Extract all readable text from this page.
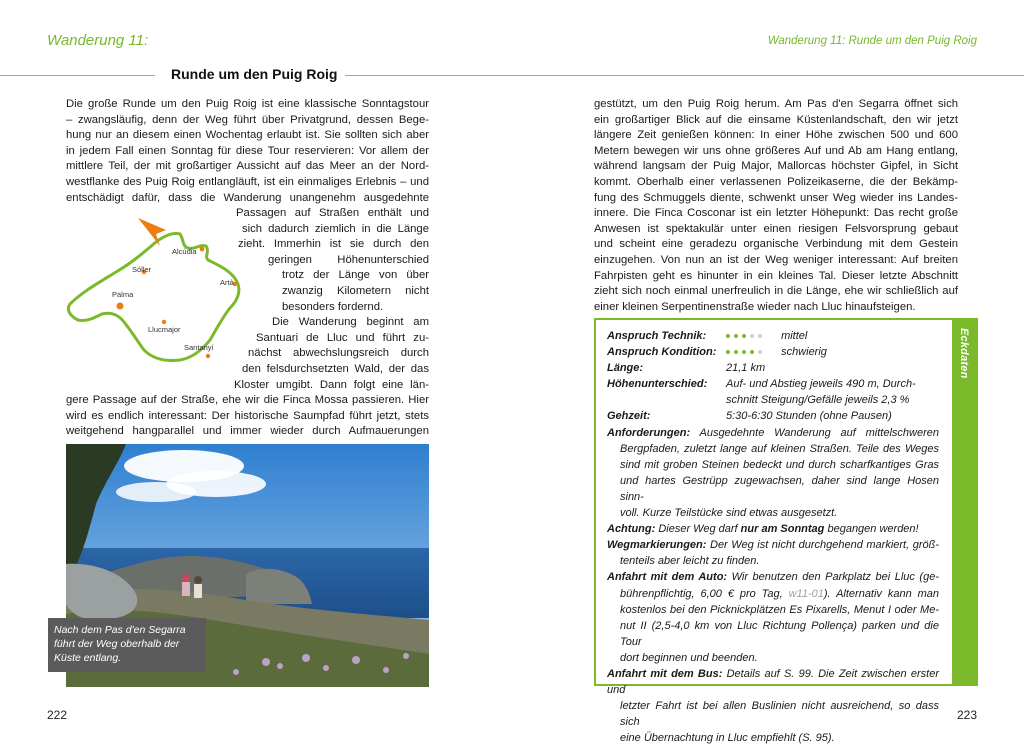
Wanderung 11:	Wanderung 11: Runde um den Puig Roig
Runde um den Puig Roig

Die große Runde um den Puig Roig ist eine klassische Sonntagstour

– zwangsläufig, denn der Weg führt über Privatgrund, dessen Bege-

hung nur an diesem einen Wochentag erlaubt ist. Sie sollten sich aber

in jedem Fall einen Sonntag für diese Tour reservieren: Vor allem der

mittlere Teil, der mit großartiger Aussicht auf das Meer an der Nord-

westflanke des Puig Roig entlangläuft, ist ein einmaliges Erlebnis – und

entschädigt dafür, dass die Wanderung unangenehm ausgedehnte

Passagen auf Straßen enthält und

sich dadurch ziemlich in die Länge

zieht. Immerhin ist sie durch den

geringen Höhenunterschied

trotz der Länge von über

zwanzig Kilometern nicht

besonders fordernd.

Die Wanderung beginnt am

Santuari de Lluc und führt zu-

nächst abwechslungsreich durch

den felsdurchsetzten Wald, der das

Kloster umgibt. Dann folgt eine län-

gere Passage auf der Straße, ehe wir die Finca Mossa passieren. Hier

wird es endlich interessant: Der historische Saumpfad führt jetzt, stets

weitgehend hangparallel und immer wieder durch Aufmauerungen

Alcúdia
Sóller
Artà
Palma
Llucmajor
Santanyí
Nach dem Pas d'en Segarra führt der Weg oberhalb der Küste entlang.
222

gestützt, um den Puig Roig herum. Am Pas d'en Segarra öffnet sich

ein großartiger Blick auf die einsame Küstenlandschaft, den wir jetzt

längere Zeit genießen können: In einer Höhe zwischen 500 und 600

Metern bewegen wir uns ohne größeres Auf und Ab am Hang entlang,

während langsam der Puig Major, Mallorcas höchster Gipfel, in Sicht

kommt. Oberhalb einer verlassenen Polizeikaserne, die der Bekämp-

fung des Schmuggels diente, schwenkt unser Weg wieder ins Landes-

innere. Die Finca Cosconar ist ein letzter Höhepunkt: Das recht große

Anwesen ist spektakulär unter einen riesigen Felsvorsprung gebaut

und scheint eine geradezu organische Verbindung mit dem Gestein

einzugehen. Von nun an ist der Weg weniger interessant: Auf breiten

Fahrpisten geht es hinunter in ein kleines Tal. Dieser letzte Abschnitt

zieht sich noch einmal unerfreulich in die Länge, ehe wir schließlich auf

einer kleinen Serpentinenstraße wieder nach Lluc hinaufsteigen.

Eckdaten
Anspruch Technik:	mittel
Anspruch Kondition:	schwierig
Länge:	21,1 km
Höhenunterschied:	Auf- und Abstieg jeweils 490 m, Durch-
schnitt Steigung/Gefälle jeweils 2,3 %
Gehzeit:	5:30-6:30 Stunden (ohne Pausen)
Anforderungen: Ausgedehnte Wanderung auf mittelschweren
Bergpfaden, zuletzt lange auf kleinen Straßen. Teile des Weges
sind mit groben Steinen bedeckt und durch scharfkantiges Gras
und hartes Gestrüpp zugewachsen, daher sind lange Hosen sinn-
voll. Kurze Teilstücke sind etwas ausgesetzt.
Achtung: Dieser Weg darf nur am Sonntag begangen werden!
Wegmarkierungen: Der Weg ist nicht durchgehend markiert, größ-
tenteils aber leicht zu finden.
Anfahrt mit dem Auto: Wir benutzen den Parkplatz bei Lluc (ge-
bührenpflichtig, 6,00 € pro Tag, w11-01). Alternativ kann man
kostenlos bei den Picknickplätzen Es Pixarells, Menut I oder Me-
nut II (2,5-4,0 km von Lluc Richtung Pollença) parken und die Tour
dort beginnen und beenden.
Anfahrt mit dem Bus: Details auf S. 99. Die Zeit zwischen erster und
letzter Fahrt ist bei allen Buslinien nicht ausreichend, so dass sich
eine Übernachtung in Lluc empfiehlt (S. 95).
223
